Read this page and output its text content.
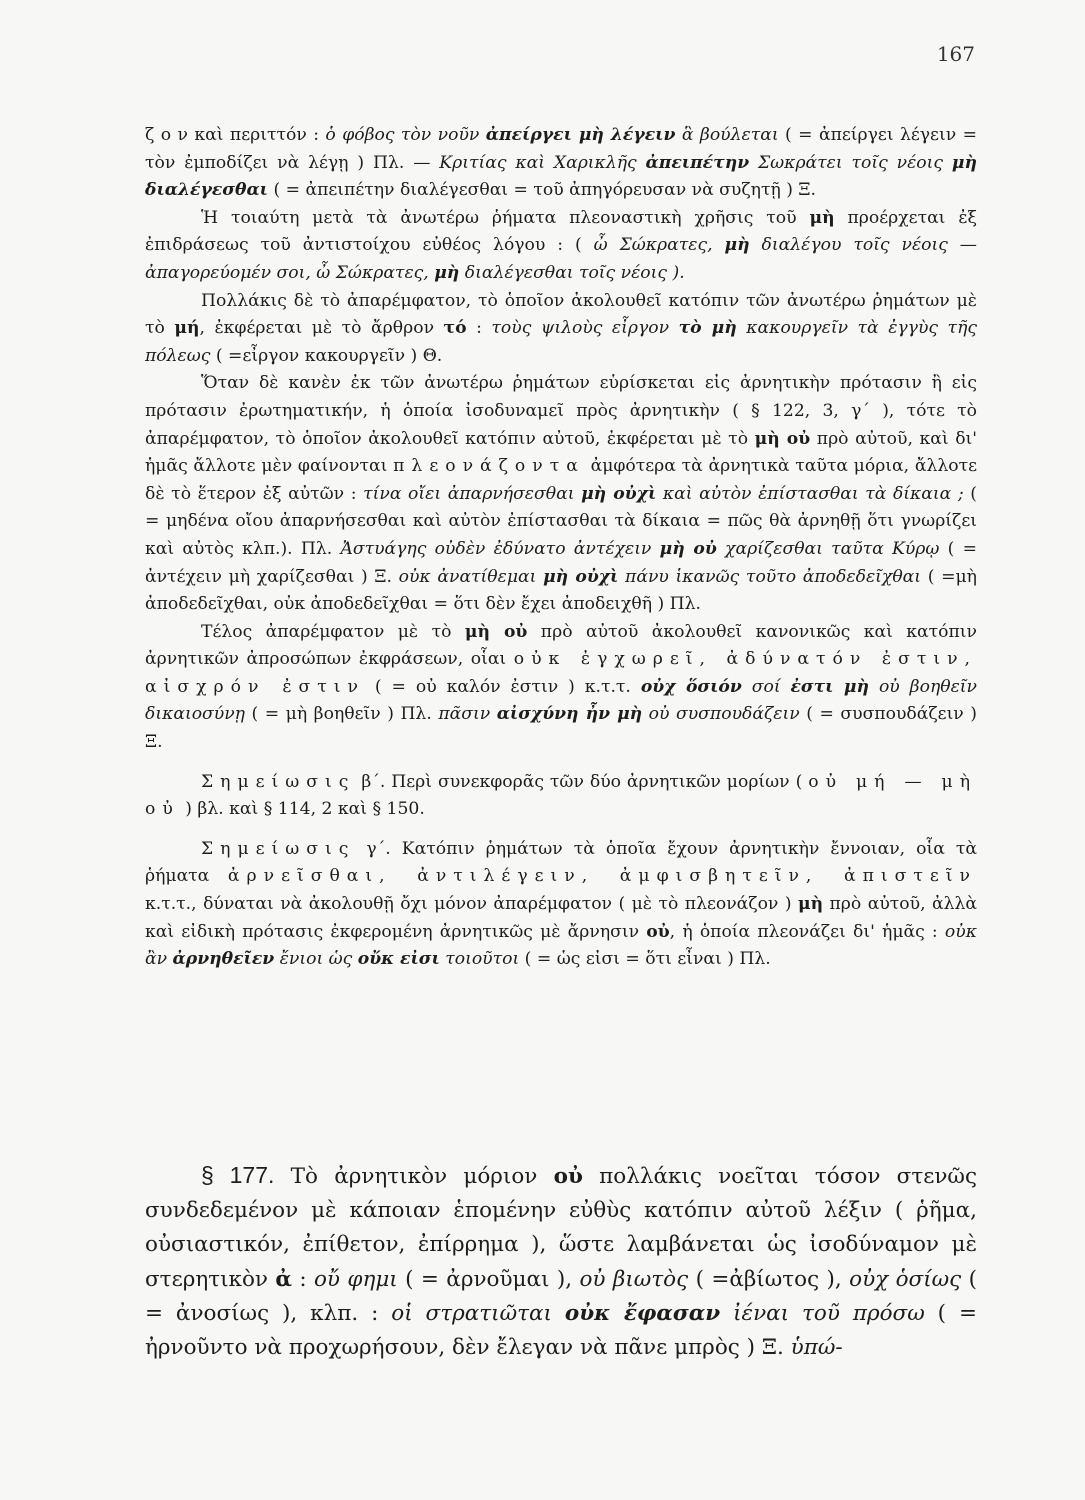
167

ζ ο ν καὶ περιττόν : ὁ φόβος τὸν νοῦν ἀπείργει μὴ λέγειν ἃ βούλεται ( = ἀπείργει λέγειν = τὸν ἐμποδίζει νὰ λέγῃ ) Πλ. — Κριτίας καὶ Χαρικλῆς ἀπειπέτην Σωκράτει τοῖς νέοις μὴ διαλέγεσθαι ( = ἀπειπέτην διαλέγεσθαι = τοῦ ἀπηγόρευσαν νὰ συζητῇ ) Ξ.

Ἡ τοιαύτη μετὰ τὰ ἀνωτέρω ῥήματα πλεοναστικὴ χρῆσις τοῦ μὴ προέρχεται ἐξ ἐπιδράσεως τοῦ ἀντιστοίχου εὐθέος λόγου : ( ὦ Σώκρατες, μὴ διαλέγου τοῖς νέοις — ἀπαγορεύομέν σοι, ὦ Σώκρατες, μὴ διαλέγεσθαι τοῖς νέοις ).

Πολλάκις δὲ τὸ ἀπαρέμφατον, τὸ ὁποῖον ἀκολουθεῖ κατόπιν τῶν ἀνωτέρω ῥημάτων μὲ τὸ μή, ἐκφέρεται μὲ τὸ ἄρθρον τό : τοὺς ψιλοὺς εἶργον τὸ μὴ κακουργεῖν τὰ ἐγγὺς τῆς πόλεως ( =εἶργον κακουργεῖν ) Θ.

Ὅταν δὲ κανὲν ἐκ τῶν ἀνωτέρω ῥημάτων εὑρίσκεται εἰς ἀρνητικὴν πρότασιν ἢ εἰς πρότασιν ἐρωτηματικήν, ἡ ὁποία ἰσοδυναμεῖ πρὸς ἀρνητικὴν ( § 122, 3, γ΄ ), τότε τὸ ἀπαρέμφατον, τὸ ὁποῖον ἀκολουθεῖ κατόπιν αὐτοῦ, ἐκφέρεται μὲ τὸ μὴ οὐ πρὸ αὐτοῦ, καὶ δι' ἡμᾶς ἄλλοτε μὲν φαίνονται πλεονάζοντα ἀμφότερα τὰ ἀρνητικὰ ταῦτα μόρια, ἄλλοτε δὲ τὸ ἕτερον ἐξ αὐτῶν : τίνα οἴει ἀπαρνήσεσθαι μὴ οὐχὶ καὶ αὐτὸν ἐπίστασθαι τὰ δίκαια ; ( = μηδένα οἴου ἀπαρνήσεσθαι καὶ αὐτὸν ἐπίστασθαι τὰ δίκαια = πῶς θὰ ἀρνηθῇ ὅτι γνωρίζει καὶ αὐτὸς κλπ.). Πλ. Ἀστυάγης οὐδὲν ἐδύνατο ἀντέχειν μὴ οὐ χαρίζεσθαι ταῦτα Κύρῳ ( = ἀντέχειν μὴ χαρίζεσθαι ) Ξ. οὐκ ἀνατίθεμαι μὴ οὐχὶ πάνυ ἱκανῶς τοῦτο ἀποδεδεῖχθαι ( =μὴ ἀποδεδεῖχθαι, οὐκ ἀποδεδεῖχθαι = ὅτι δὲν ἔχει ἀποδειχθῆ ) Πλ.

Τέλος ἀπαρέμφατον μὲ τὸ μὴ οὐ πρὸ αὐτοῦ ἀκολουθεῖ κανονικῶς καὶ κατόπιν ἀρνητικῶν ἀπροσώπων ἐκφράσεων, οἷαι οὐκ ἐγχωρεῖ, ἀδύνατόν ἐστιν, αἰσχρόν ἐστιν ( = οὐ καλόν ἐστιν ) κ.τ.τ. οὐχ ὅσιόν σοί ἐστι μὴ οὐ βοηθεῖν δικαιοσύνῃ ( = μὴ βοηθεῖν ) Πλ. πᾶσιν αἰσχύνη ἦν μὴ οὐ συσπουδάζειν ( = συσπουδάζειν ) Ξ.

Σημείωσις β΄. Περὶ συνεκφορᾶς τῶν δύο ἀρνητικῶν μορίων ( οὐ μή — μὴ οὐ ) βλ. καὶ § 114, 2 καὶ § 150.

Σημείωσις γ΄. Κατόπιν ῥημάτων τὰ ὁποῖα ἔχουν ἀρνητικὴν ἔννοιαν, οἷα τὰ ῥήματα ἀρνεῖσθαι, ἀντιλέγειν, ἀμφισβητεῖν, ἀπιστεῖν κ.τ.τ., δύναται νὰ ἀκολουθῇ ὄχι μόνον ἀπαρέμφατον ( μὲ τὸ πλεονάζον ) μὴ πρὸ αὐτοῦ, ἀλλὰ καὶ εἰδικὴ πρότασις ἐκφερομένη ἀρνητικῶς μὲ ἄρνησιν οὐ, ἡ ὁποία πλεονάζει δι' ἡμᾶς : οὐκ ἂν ἀρνηθεῖεν ἔνιοι ὡς οὔκ εἰσι τοιοῦτοι ( = ὡς εἰσι = ὅτι εἶναι ) Πλ.

§ 177. Τὸ ἀρνητικὸν μόριον οὐ πολλάκις νοεῖται τόσον στενῶς συνδεδεμένον μὲ κάποιαν ἑπομένην εὐθὺς κατόπιν αὐτοῦ λέξιν ( ῥῆμα, οὐσιαστικόν, ἐπίθετον, ἐπίρρημα ), ὥστε λαμβάνεται ὡς ἰσοδύναμον μὲ στερητικὸν ἀ : οὔ φημι ( = ἀρνοῦμαι ), οὐ βιωτὸς ( =ἀβίωτος ), οὐχ ὁσίως ( = ἀνοσίως ), κλπ. : οἱ στρατιῶται οὐκ ἔφασαν ἰέναι τοῦ πρόσω ( = ἠρνοῦντο νὰ προχωρήσουν, δὲν ἔλεγαν νὰ πᾶνε μπρὸς ) Ξ. ὑπώ-
